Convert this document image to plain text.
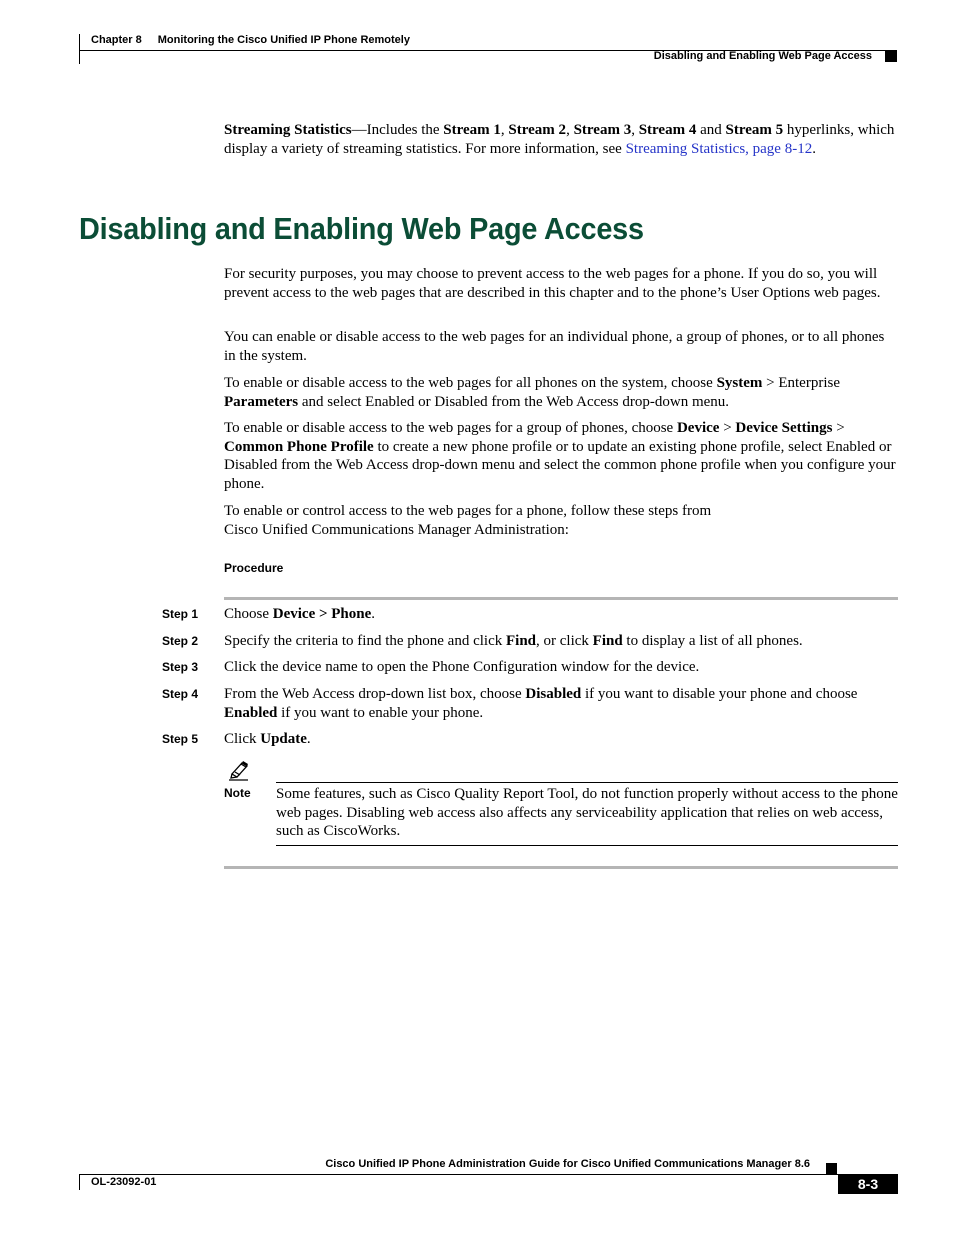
Chapter 8 Monitoring the Cisco Unified IP Phone Remotely
Disabling and Enabling Web Page Access
Streaming Statistics—Includes the Stream 1, Stream 2, Stream 3, Stream 4 and Stream 5 hyperlinks, which display a variety of streaming statistics. For more information, see Streaming Statistics, page 8-12.
Disabling and Enabling Web Page Access
For security purposes, you may choose to prevent access to the web pages for a phone. If you do so, you will prevent access to the web pages that are described in this chapter and to the phone’s User Options web pages.
You can enable or disable access to the web pages for an individual phone, a group of phones, or to all phones in the system.
To enable or disable access to the web pages for all phones on the system, choose System > Enterprise Parameters and select Enabled or Disabled from the Web Access drop-down menu.
To enable or disable access to the web pages for a group of phones, choose Device > Device Settings > Common Phone Profile to create a new phone profile or to update an existing phone profile, select Enabled or Disabled from the Web Access drop-down menu and select the common phone profile when you configure your phone.
To enable or control access to the web pages for a phone, follow these steps from
Cisco Unified Communications Manager Administration:
Procedure
Step 1 Choose Device > Phone.
Step 2 Specify the criteria to find the phone and click Find, or click Find to display a list of all phones.
Step 3 Click the device name to open the Phone Configuration window for the device.
Step 4 From the Web Access drop-down list box, choose Disabled if you want to disable your phone and choose Enabled if you want to enable your phone.
Step 5 Click Update.
Note Some features, such as Cisco Quality Report Tool, do not function properly without access to the phone web pages. Disabling web access also affects any serviceability application that relies on web access, such as CiscoWorks.
Cisco Unified IP Phone Administration Guide for Cisco Unified Communications Manager 8.6
OL-23092-01	8-3
